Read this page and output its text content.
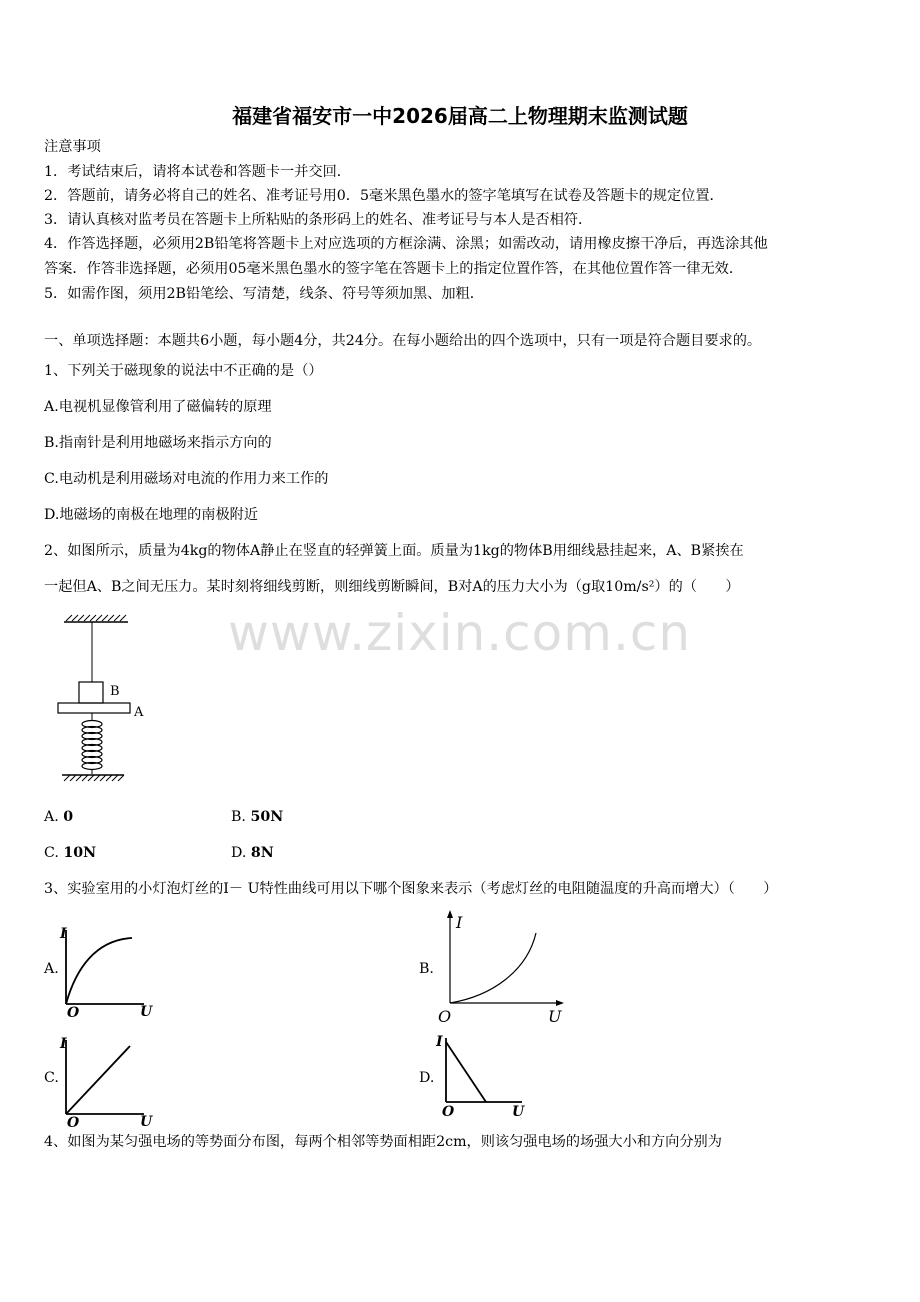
福建省福安市一中2026届高二上物理期末监测试题
注意事项
1．考试结束后，请将本试卷和答题卡一并交回．
2．答题前，请务必将自己的姓名、准考证号用0．5毫米黑色墨水的签字笔填写在试卷及答题卡的规定位置．
3．请认真核对监考员在答题卡上所粘贴的条形码上的姓名、准考证号与本人是否相符．
4．作答选择题，必须用2B铅笔将答题卡上对应选项的方框涂满、涂黑；如需改动，请用橡皮擦干净后，再选涂其他
答案．作答非选择题，必须用05毫米黑色墨水的签字笔在答题卡上的指定位置作答，在其他位置作答一律无效．
5．如需作图，须用2B铅笔绘、写清楚，线条、符号等须加黑、加粗．
一、单项选择题：本题共6小题，每小题4分，共24分。在每小题给出的四个选项中，只有一项是符合题目要求的。
1、下列关于磁现象的说法中不正确的是（）
A.电视机显像管利用了磁偏转的原理
B.指南针是利用地磁场来指示方向的
C.电动机是利用磁场对电流的作用力来工作的
D.地磁场的南极在地理的南极附近
2、如图所示，质量为4kg的物体A静止在竖直的轻弹簧上面。质量为1kg的物体B用细线悬挂起来，A、B紧挨在
一起但A、B之间无压力。某时刻将细线剪断，则细线剪断瞬间，B对A的压力大小为（g取10m/s²）的（　　）
B
A
A. 0	B. 50N
C. 10N	D. 8N
www.zixin.com.cn
3、实验室用的小灯泡灯丝的I－ U特性曲线可用以下哪个图象来表示（考虑灯丝的电阻随温度的升高而增大）（　　）
A.
I
O	U
B.
I
O	U
C.
I
O	U
D.
I
O	U
4、如图为某匀强电场的等势面分布图，每两个相邻等势面相距2cm，则该匀强电场的场强大小和方向分别为
